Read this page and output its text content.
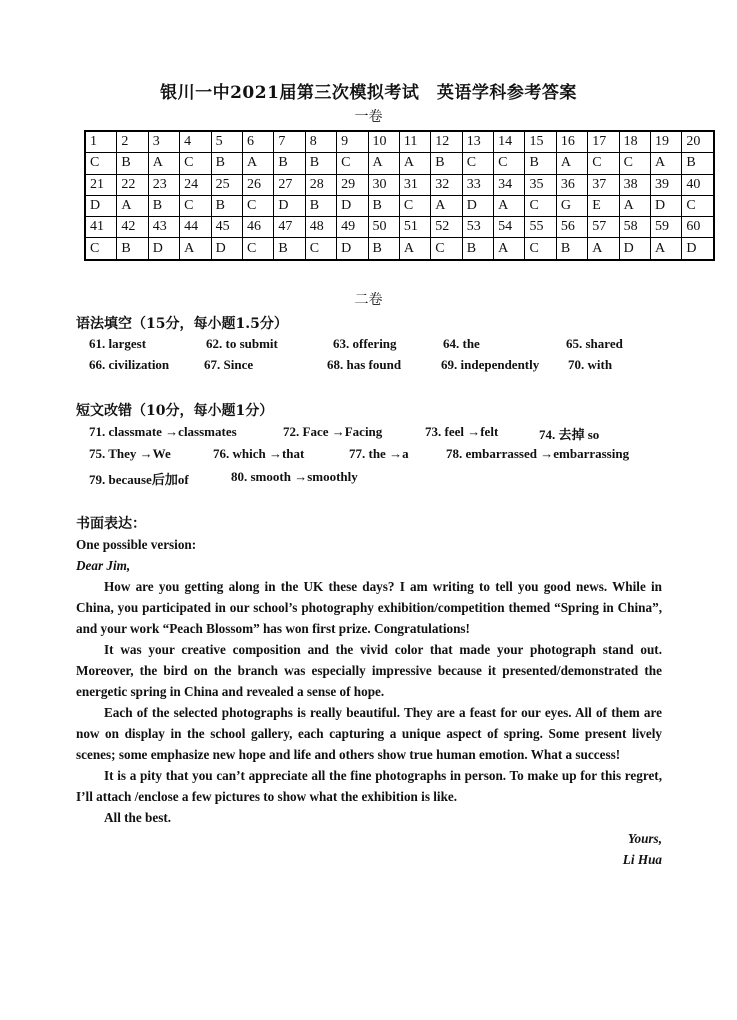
银川一中2021届第三次模拟考试　英语学科参考答案
一卷
1	2	3	4	5	6	7	8	9	10	11	12	13	14	15	16	17	18	19	20
C	B	A	C	B	A	B	B	C	A	A	B	C	C	B	A	C	C	A	B
21	22	23	24	25	26	27	28	29	30	31	32	33	34	35	36	37	38	39	40
D	A	B	C	B	C	D	B	D	B	C	A	D	A	C	G	E	A	D	C
41	42	43	44	45	46	47	48	49	50	51	52	53	54	55	56	57	58	59	60
C	B	D	A	D	C	B	C	D	B	A	C	B	A	C	B	A	D	A	D
二卷
语法填空（15分，每小题1.5分）
61. largest	62. to submit	63. offering	64. the	65. shared
66. civilization	67. Since	68. has found	69. independently 70. with
短文改错（10分，每小题1分）
71. classmate →classmates	72. Face →Facing	73. feel →felt	74. 去掉 so
75. They →We	76. which →that	77. the →a	78. embarrassed →embarrassing
79. because后加of	80. smooth →smoothly
书面表达：
One possible version:
Dear Jim,

How are you getting along in the UK these days? I am writing to tell you good news. While in China, you participated in our school’s photography exhibition/competition themed “Spring in China”, and your work “Peach Blossom” has won first prize. Congratulations!

It was your creative composition and the vivid color that made your photograph stand out. Moreover, the bird on the branch was especially impressive because it presented/demonstrated the energetic spring in China and revealed a sense of hope.

Each of the selected photographs is really beautiful. They are a feast for our eyes. All of them are now on display in the school gallery, each capturing a unique aspect of spring. Some present lively scenes; some emphasize new hope and life and others show true human emotion. What a success!

It is a pity that you can’t appreciate all the fine photographs in person. To make up for this regret, I’ll attach /enclose a few pictures to show what the exhibition is like.

All the best.

Yours,
Li Hua
